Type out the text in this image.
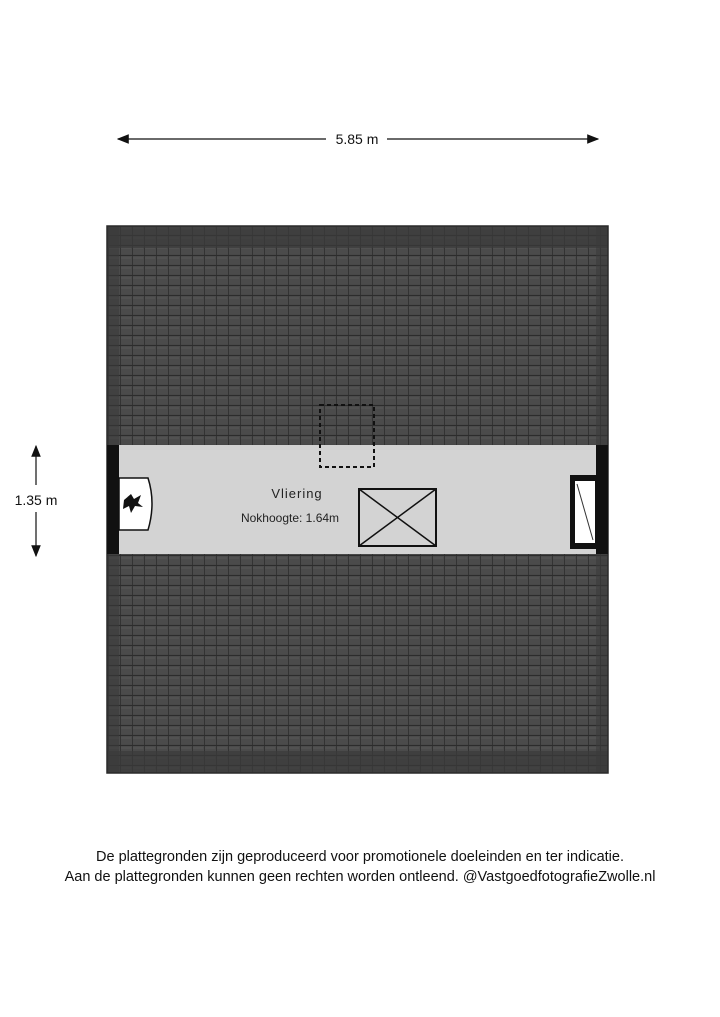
5.85 m
1.35 m	Vliering
Nokhoogte: 1.64m
De plattegronden zijn geproduceerd voor promotionele doeleinden en ter indicatie.
Aan de plattegronden kunnen geen rechten worden ontleend. @VastgoedfotografieZwolle.nl
